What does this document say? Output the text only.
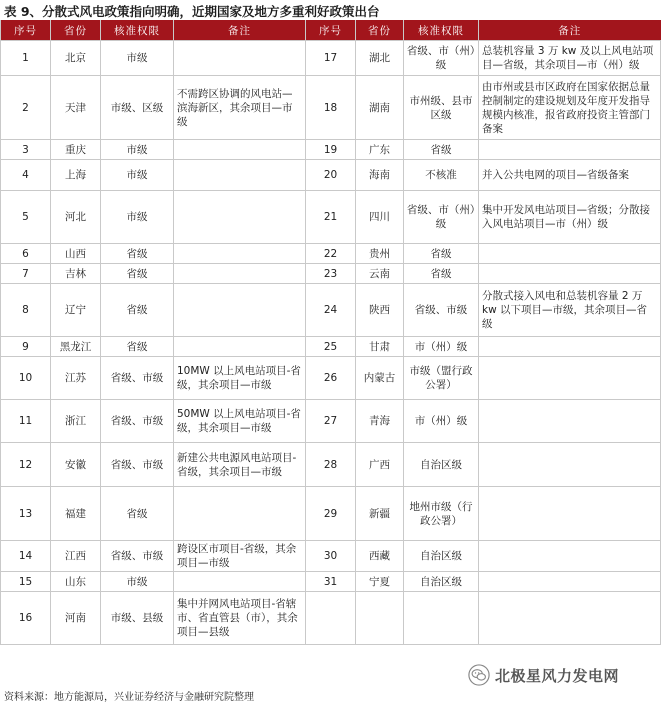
表 9、分散式风电政策指向明确，近期国家及地方多重利好政策出台
序号	省份	核准权限	备注	序号	省份	核准权限	备注
1	北京	市级		17	湖北	省级、市（州）级	总装机容量 3 万 kw 及以上风电站项目—省级，其余项目—市（州）级
2	天津	市级、区级	不需跨区协调的风电站—滨海新区，其余项目—市级	18	湖南	市州级、县市区级	由市州或县市区政府在国家依据总量控制制定的建设规划及年度开发指导规模内核准，报省政府投资主管部门备案
3	重庆	市级		19	广东	省级	
4	上海	市级		20	海南	不核准	并入公共电网的项目—省级备案
5	河北	市级		21	四川	省级、市（州）级	集中开发风电站项目—省级；分散接入风电站项目—市（州）级
6	山西	省级		22	贵州	省级	
7	吉林	省级		23	云南	省级	
8	辽宁	省级		24	陕西	省级、市级	分散式接入风电和总装机容量 2 万 kw 以下项目—市级，其余项目—省级
9	黑龙江	省级		25	甘肃	市（州）级	
10	江苏	省级、市级	10MW 以上风电站项目-省级，其余项目—市级	26	内蒙古	市级（盟行政公署）	
11	浙江	省级、市级	50MW 以上风电站项目-省级，其余项目—市级	27	青海	市（州）级	
12	安徽	省级、市级	新建公共电源风电站项目-省级，其余项目—市级	28	广西	自治区级	
13	福建	省级		29	新疆	地州市级（行政公署）	
14	江西	省级、市级	跨设区市项目-省级，其余项目—市级	30	西藏	自治区级	
15	山东	市级		31	宁夏	自治区级	
16	河南	市级、县级	集中并网风电站项目-省辖市、省直管县（市），其余项目—县级				
北极星风力发电网
资料来源：地方能源局，兴业证券经济与金融研究院整理
